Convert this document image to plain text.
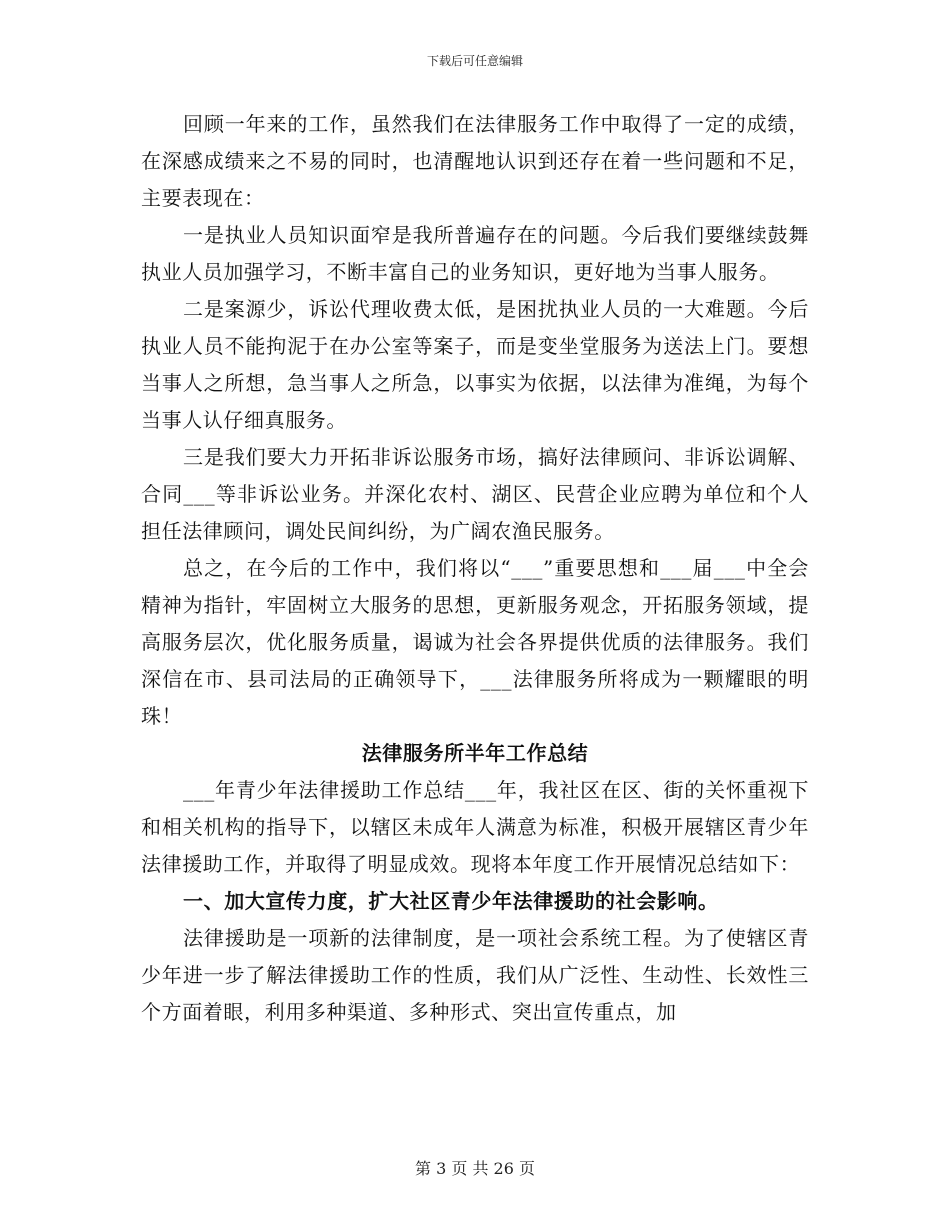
下载后可任意编辑

回顾一年来的工作，虽然我们在法律服务工作中取得了一定的成绩，在深感成绩来之不易的同时，也清醒地认识到还存在着一些问题和不足，主要表现在：

一是执业人员知识面窄是我所普遍存在的问题。今后我们要继续鼓舞执业人员加强学习，不断丰富自己的业务知识，更好地为当事人服务。

二是案源少，诉讼代理收费太低，是困扰执业人员的一大难题。今后执业人员不能拘泥于在办公室等案子，而是变坐堂服务为送法上门。要想当事人之所想，急当事人之所急，以事实为依据，以法律为准绳，为每个当事人认仔细真服务。

三是我们要大力开拓非诉讼服务市场，搞好法律顾问、非诉讼调解、合同___等非诉讼业务。并深化农村、湖区、民营企业应聘为单位和个人担任法律顾问，调处民间纠纷，为广阔农渔民服务。

总之，在今后的工作中，我们将以“___”重要思想和___届___中全会精神为指针，牢固树立大服务的思想，更新服务观念，开拓服务领域，提高服务层次，优化服务质量，谒诚为社会各界提供优质的法律服务。我们深信在市、县司法局的正确领导下，___法律服务所将成为一颗耀眼的明珠！

法律服务所半年工作总结

___年青少年法律援助工作总结___年，我社区在区、街的关怀重视下和相关机构的指导下，以辖区未成年人满意为标准，积极开展辖区青少年法律援助工作，并取得了明显成效。现将本年度工作开展情况总结如下：

一、加大宣传力度，扩大社区青少年法律援助的社会影响。

法律援助是一项新的法律制度，是一项社会系统工程。为了使辖区青少年进一步了解法律援助工作的性质，我们从广泛性、生动性、长效性三个方面着眼，利用多种渠道、多种形式、突出宣传重点，加

第 3 页 共 26 页
